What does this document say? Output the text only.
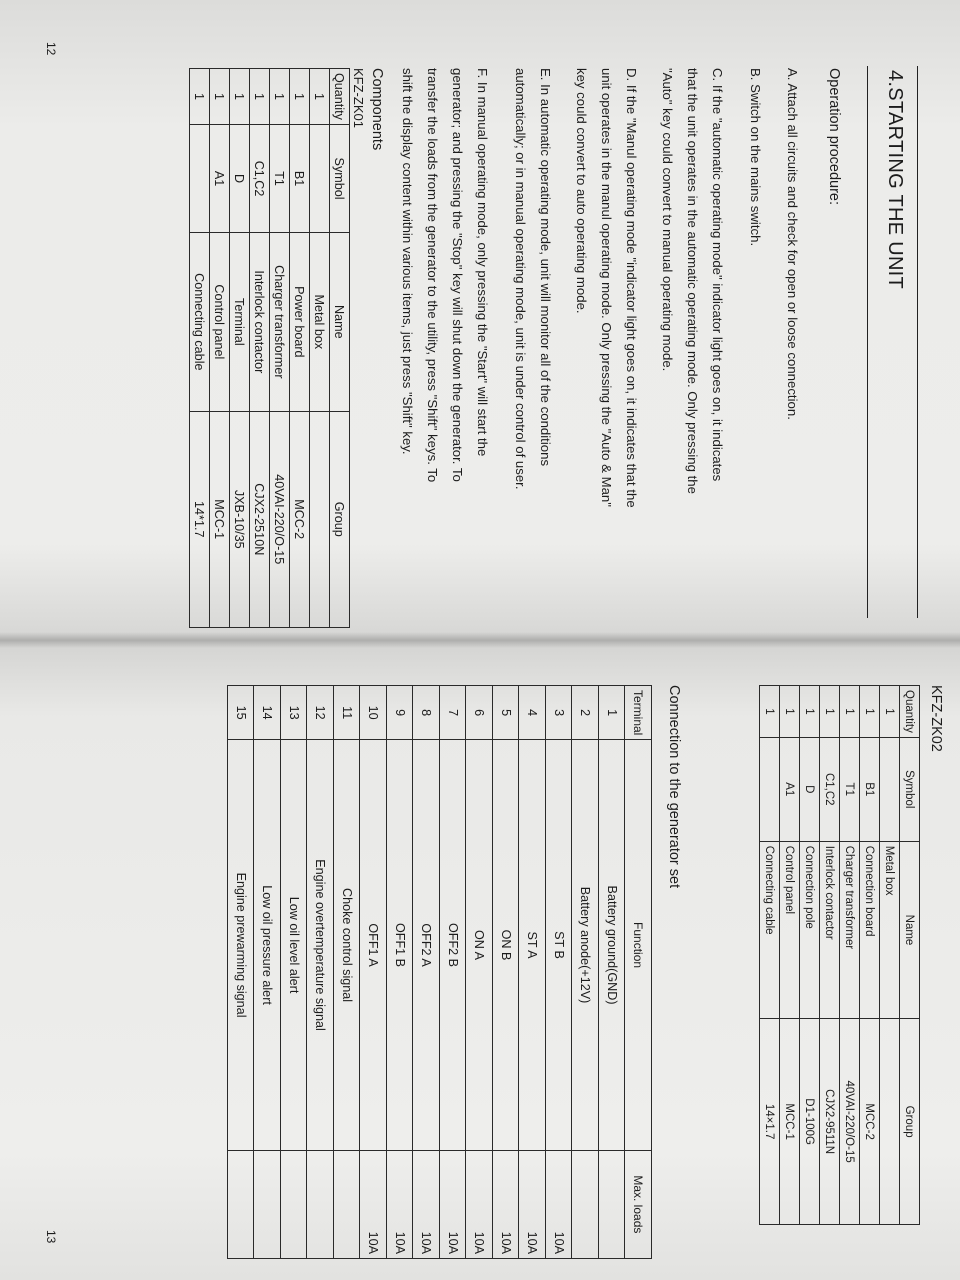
4.STARTING THE UNIT
Operation procedure:
A. Attach all circuits and check for open or loose connection.
B. Switch on the mains switch.
C. If the "automatic operating mode" indicator light goes on, it indicates
that the unit operates in the automatic operating mode. Only pressing the
"Auto" key could convert to manual operating mode.
D. If the "Manul operating mode "indicator light goes on, it indicates that the
unit operates in the manul operating mode. Only pressing the "Auto & Man"
key could convert to auto operating mode.
E. In automatic operating mode, unit will monitor all of the conditions
automatically; or in manual operating mode, unit is under control of user.
F. In manual operating mode, only pressing the "Start" will start the
generator; and pressing the "Stop" key will shut down the generator. To
transfer the loads from the generator to the utility, press "Shift" keys. To
shift the display content within various items, just press "Shift" key.
Components
KFZ-ZK01
Quantity	Symbol	Name	Group
1		Metal box	
1	B1	Power board	MCC-2
1	T1	Charger transformer	40VAI-220/O-15
1	C1,C2	Interlock contactor	CJX2-2510N
1	D	Terminal	JXB-10/35
1	A1	Control panel	MCC-1
1		Connecting cable	14*1.7
12
KFZ-ZK02
Quantity	Symbol	Name	Group
1		Metal box	
1	B1	Connection board	MCC-2
1	T1	Charger transformer	40VAI-220/O-15
1	C1,C2	Interlock contactor	CJX2-9511N
1	D	Connection pole	D1-100G
1	A1	Control panel	MCC-1
1		Connecting cable	14×1.7
Connection to the generator set
Terminal	Function	Max. loads
1	Battery ground(GND)	
2	Battery anode(+12V)	
3	ST B	10A
4	ST A	10A
5	ON B	10A
6	ON A	10A
7	OFF2 B	10A
8	OFF2 A	10A
9	OFF1 B	10A
10	OFF1 A	10A
11	Choke control signal	
12	Engine overtemperature signal	
13	Low oil level alert	
14	Low oil pressure alert	
15	Engine prewarming signal	
13
